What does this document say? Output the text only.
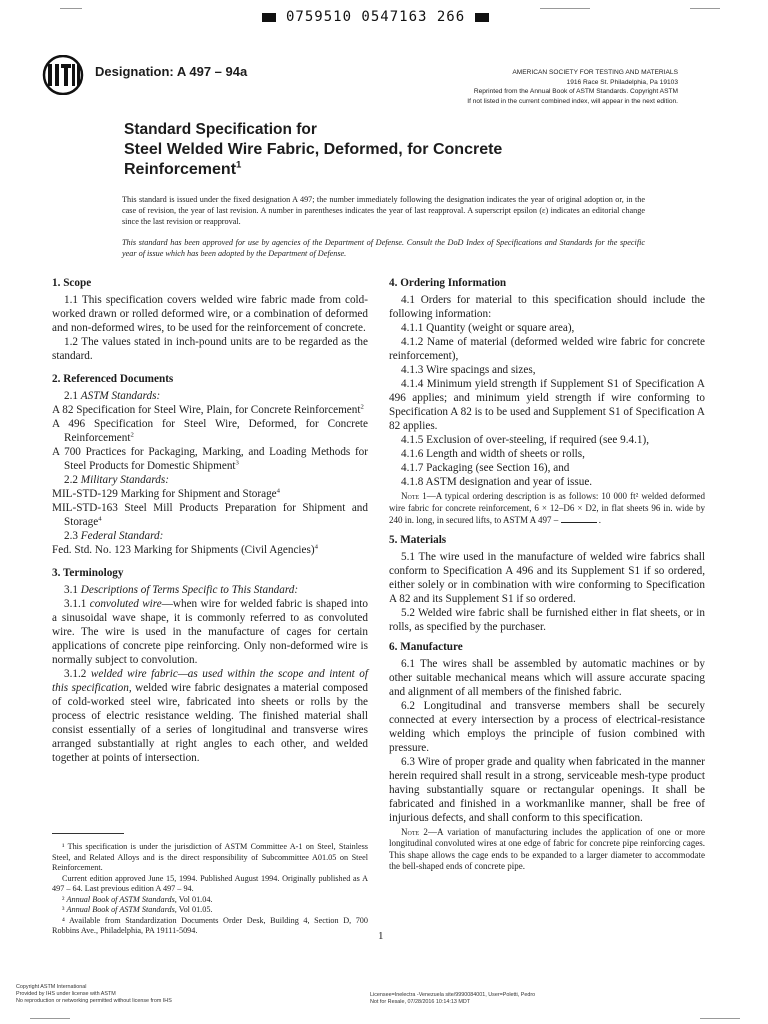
0759510 0547163 266
Designation: A 497 – 94a	AMERICAN SOCIETY FOR TESTING AND MATERIALS
1916 Race St. Philadelphia, Pa 19103
Reprinted from the Annual Book of ASTM Standards. Copyright ASTM
If not listed in the current combined index, will appear in the next edition.
Standard Specification for
Steel Welded Wire Fabric, Deformed, for Concrete
Reinforcement$^1$
This standard is issued under the fixed designation A 497; the number immediately following the designation indicates the year of original adoption or, in the case of revision, the year of last revision. A number in parentheses indicates the year of last reapproval. A superscript epsilon (ε) indicates an editorial change since the last revision or reapproval.
This standard has been approved for use by agencies of the Department of Defense. Consult the DoD Index of Specifications and Standards for the specific year of issue which has been adopted by the Department of Defense.
1. Scope

1.1 This specification covers welded wire fabric made from cold-worked drawn or rolled deformed wire, or a combination of deformed and non-deformed wires, to be used for the reinforcement of concrete.

1.2 The values stated in inch-pound units are to be regarded as the standard.

2. Referenced Documents

2.1 ASTM Standards:

A 82 Specification for Steel Wire, Plain, for Concrete Reinforcement$^2$

A 496 Specification for Steel Wire, Deformed, for Concrete Reinforcement$^2$

A 700 Practices for Packaging, Marking, and Loading Methods for Steel Products for Domestic Shipment$^3$

2.2 Military Standards:

MIL-STD-129 Marking for Shipment and Storage$^4$

MIL-STD-163 Steel Mill Products Preparation for Shipment and Storage$^4$

2.3 Federal Standard:

Fed. Std. No. 123 Marking for Shipments (Civil Agencies)$^4$

3. Terminology

3.1 Descriptions of Terms Specific to This Standard:

3.1.1 convoluted wire—when wire for welded fabric is shaped into a sinusoidal wave shape, it is commonly referred to as convoluted wire. The wire is used in the manufacture of cages for certain applications of concrete pipe reinforcing. Only non-deformed wire is normally subject to convolution.

3.1.2 welded wire fabric—as used within the scope and intent of this specification, welded wire fabric designates a material composed of cold-worked steel wire, fabricated into sheets or rolls by the process of electric resistance welding. The finished material shall consist essentially of a series of longitudinal and transverse wires arranged substantially at right angles to each other, and welded together at points of intersection.

¹ This specification is under the jurisdiction of ASTM Committee A-1 on Steel, Stainless Steel, and Related Alloys and is the direct responsibility of Subcommittee A01.05 on Steel Reinforcement.

Current edition approved June 15, 1994. Published August 1994. Originally published as A 497 – 64. Last previous edition A 497 – 94.

² Annual Book of ASTM Standards, Vol 01.04.

³ Annual Book of ASTM Standards, Vol 01.05.

⁴ Available from Standardization Documents Order Desk, Building 4, Section D, 700 Robbins Ave., Philadelphia, PA 19111-5094.

4. Ordering Information

4.1 Orders for material to this specification should include the following information:

4.1.1 Quantity (weight or square area),

4.1.2 Name of material (deformed welded wire fabric for concrete reinforcement),

4.1.3 Wire spacings and sizes,

4.1.4 Minimum yield strength if Supplement S1 of Specification A 496 applies; and minimum yield strength if wire conforming to Specification A 82 is to be used and Supplement S1 of Specification A 82 applies.

4.1.5 Exclusion of over-steeling, if required (see 9.4.1),

4.1.6 Length and width of sheets or rolls,

4.1.7 Packaging (see Section 16), and

4.1.8 ASTM designation and year of issue.

Note 1—A typical ordering description is as follows: 10 000 ft² welded deformed wire fabric for concrete reinforcement, 6 × 12–D6 × D2, in flat sheets 96 in. wide by 240 in. long, in secured lifts, to ASTM A 497 –	.

5. Materials

5.1 The wire used in the manufacture of welded wire fabrics shall conform to Specification A 496 and its Supplement S1 if so ordered, either solely or in combination with wire conforming to Specification A 82 and its Supplement S1 if so ordered.

5.2 Welded wire fabric shall be furnished either in flat sheets, or in rolls, as specified by the purchaser.

6. Manufacture

6.1 The wires shall be assembled by automatic machines or by other suitable mechanical means which will assure accurate spacing and alignment of all members of the finished fabric.

6.2 Longitudinal and transverse members shall be securely connected at every intersection by a process of electrical-resistance welding which employs the principle of fusion combined with pressure.

6.3 Wire of proper grade and quality when fabricated in the manner herein required shall result in a strong, serviceable mesh-type product having substantially square or rectangular openings. It shall be fabricated and finished in a workmanlike manner, shall be free of injurious defects, and shall conform to this specification.

Note 2—A variation of manufacturing includes the application of one or more longitudinal convoluted wires at one edge of fabric for concrete pipe reinforcing cages. This shape allows the cage ends to be expanded to a larger diameter to accommodate the bell-shaped ends of concrete pipe.

1
Copyright ASTM International
Provided by IHS under license with ASTM
No reproduction or networking permitted without license from IHS
Licensee=Inelectra -Venezuela site/9990084001, User=Poletti, Pedro
Not for Resale, 07/28/2016 10:14:13 MDT
